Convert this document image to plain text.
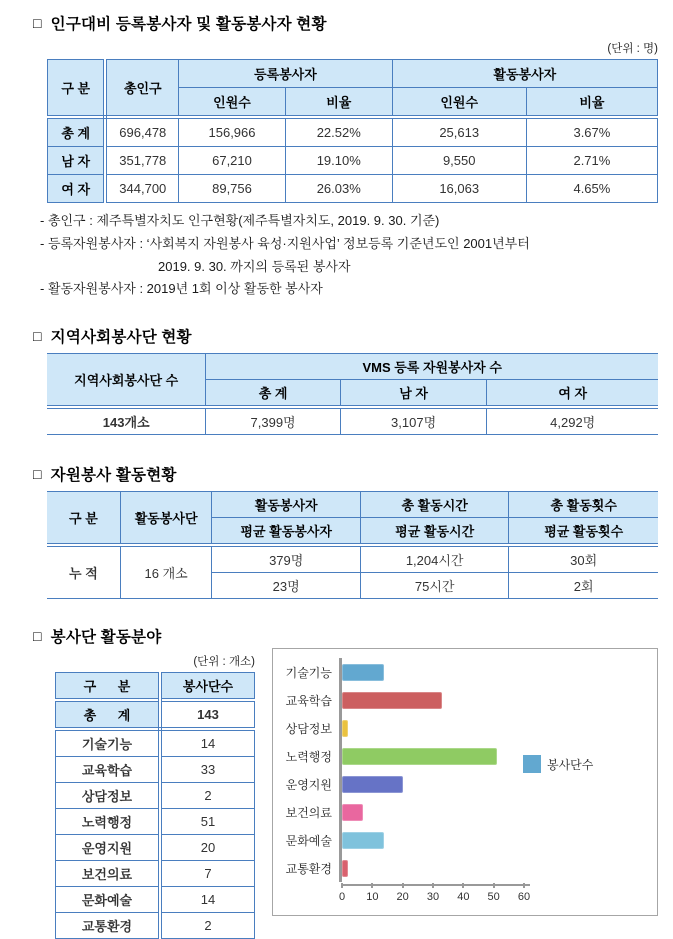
□ 인구대비 등록봉사자 및 활동봉사자 현황
(단위 : 명)
구 분	총인구	등록봉사자		활동봉사자	
		인원수	비율	인원수	비율
총 계	696,478	156,966	22.52%	25,613	3.67%
남 자	351,778	67,210	19.10%	9,550	2.71%
여 자	344,700	89,756	26.03%	16,063	4.65%
- 총인구 : 제주특별자치도 인구현황(제주특별자치도, 2019. 9. 30. 기준)
- 등록자원봉사자 : ‘사회복지 자원봉사 육성·지원사업’ 정보등록 기준년도인 2001년부터
2019. 9. 30. 까지의 등록된 봉사자
- 활동자원봉사자 : 2019년 1회 이상 활동한 봉사자
□ 지역사회봉사단 현황
지역사회봉사단 수	VMS 등록 자원봉사자 수		
	총 계	남 자	여 자
143개소	7,399명	3,107명	4,292명
□ 자원봉사 활동현황
구 분	활동봉사단	활동봉사자	총 활동시간	총 활동횟수
		평균 활동봉사자	평균 활동시간	평균 활동횟수
누 적	16 개소	379명	1,204시간	30회
		23명	75시간	2회
□ 봉사단 활동분야
(단위 : 개소)
구      분	봉사단수
총      계	143
기술기능	14
교육학습	33
상담정보	2
노력행정	51
운영지원	20
보건의료	7
문화예술	14
교통환경	2
기술기능
교육학습
상담정보
노력행정
운영지원
보건의료
문화예술
교통환경
0 10 20 30 40 50 60
봉사단수
